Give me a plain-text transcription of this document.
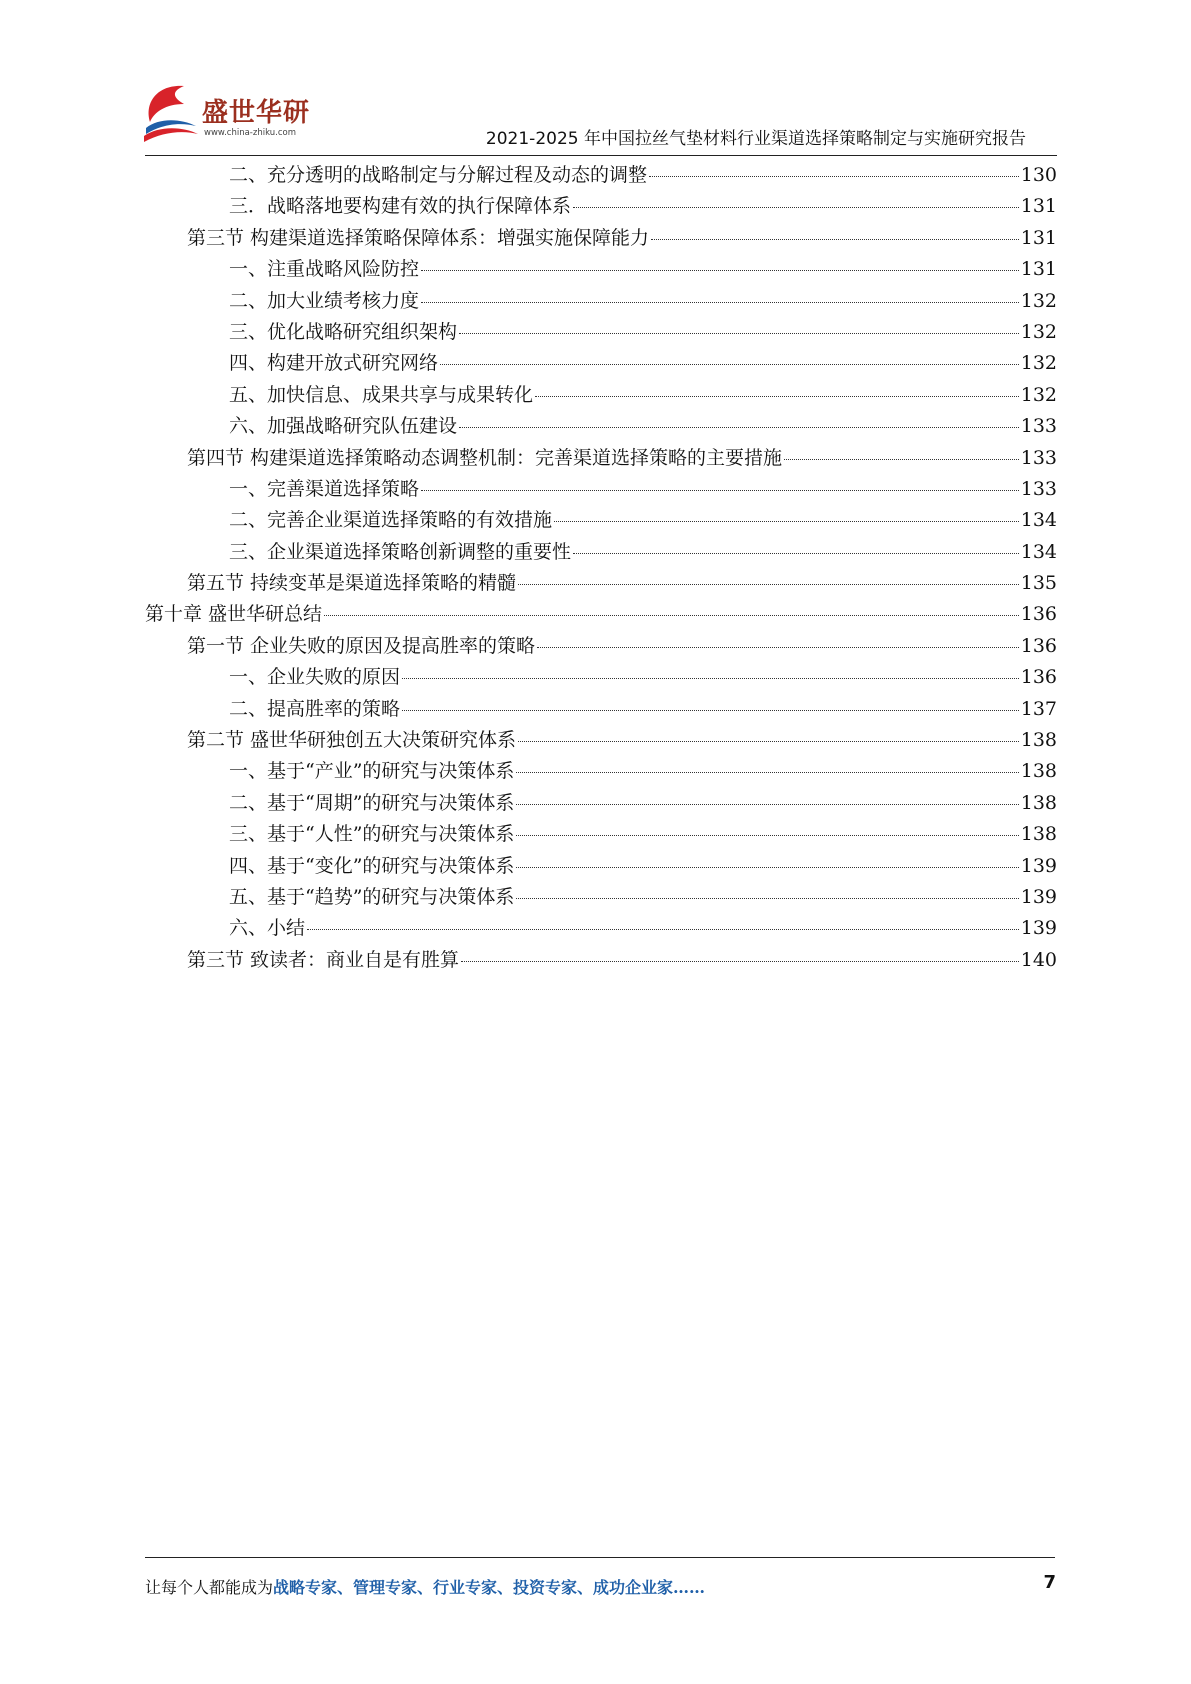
盛世华研
www.china-zhiku.com	2021-2025 年中国拉丝气垫材料行业渠道选择策略制定与实施研究报告
二、充分透明的战略制定与分解过程及动态的调整	130
三．战略落地要构建有效的执行保障体系	131
第三节 构建渠道选择策略保障体系：增强实施保障能力	131
一、注重战略风险防控	131
二、加大业绩考核力度	132
三、优化战略研究组织架构	132
四、构建开放式研究网络	132
五、加快信息、成果共享与成果转化	132
六、加强战略研究队伍建设	133
第四节 构建渠道选择策略动态调整机制：完善渠道选择策略的主要措施	133
一、完善渠道选择策略	133
二、完善企业渠道选择策略的有效措施	134
三、企业渠道选择策略创新调整的重要性	134
第五节 持续变革是渠道选择策略的精髓	135
第十章 盛世华研总结	136
第一节 企业失败的原因及提高胜率的策略	136
一、企业失败的原因	136
二、提高胜率的策略	137
第二节 盛世华研独创五大决策研究体系	138
一、基于“产业”的研究与决策体系	138
二、基于“周期”的研究与决策体系	138
三、基于“人性”的研究与决策体系	138
四、基于“变化”的研究与决策体系	139
五、基于“趋势”的研究与决策体系	139
六、小结	139
第三节 致读者：商业自是有胜算	140
让每个人都能成为战略专家、管理专家、行业专家、投资专家、成功企业家……	7
